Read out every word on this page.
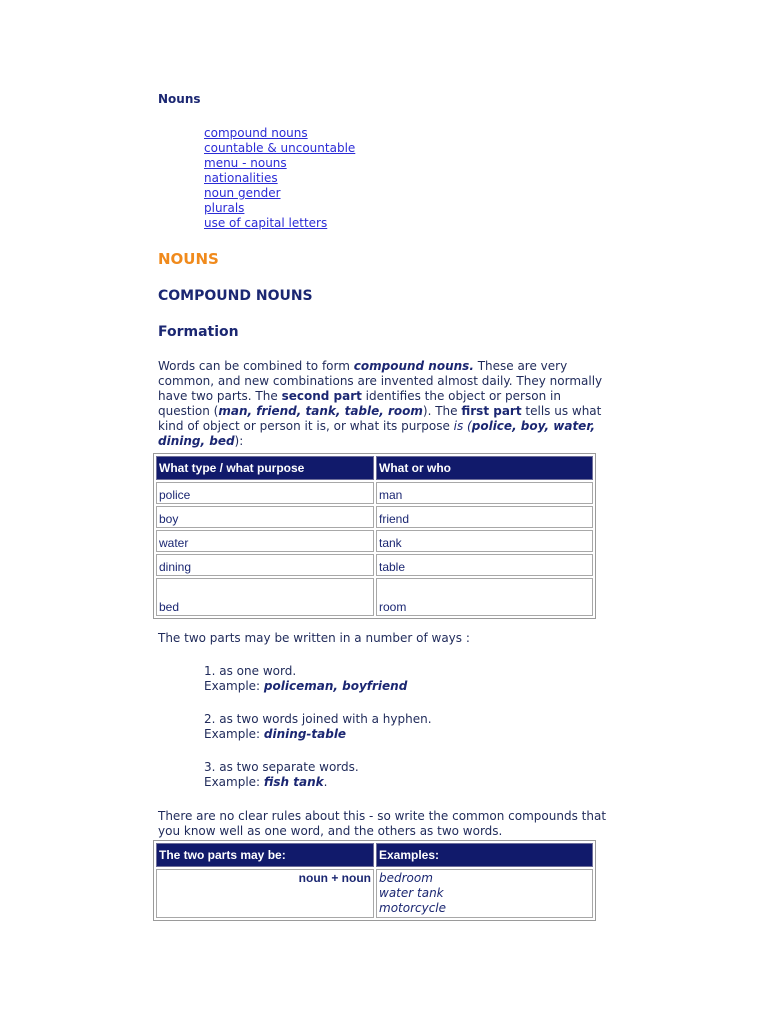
Nouns
compound nouns
countable & uncountable
menu - nouns
nationalities
noun gender
plurals
use of capital letters
NOUNS
COMPOUND NOUNS
Formation
Words can be combined to form compound nouns. These are very common, and new combinations are invented almost daily. They normally have two parts. The second part identifies the object or person in question (man, friend, tank, table, room). The first part tells us what kind of object or person it is, or what its purpose is (police, boy, water, dining, bed):
What type / what purpose	What or who
police	man
boy	friend
water	tank
dining	table
bed	room
The two parts may be written in a number of ways :
1. as one word.
Example: policeman, boyfriend
2. as two words joined with a hyphen.
Example: dining-table
3. as two separate words.
Example: fish tank.
There are no clear rules about this - so write the common compounds that you know well as one word, and the others as two words.
The two parts may be:	Examples:
noun + noun	bedroom
water tank
motorcycle
